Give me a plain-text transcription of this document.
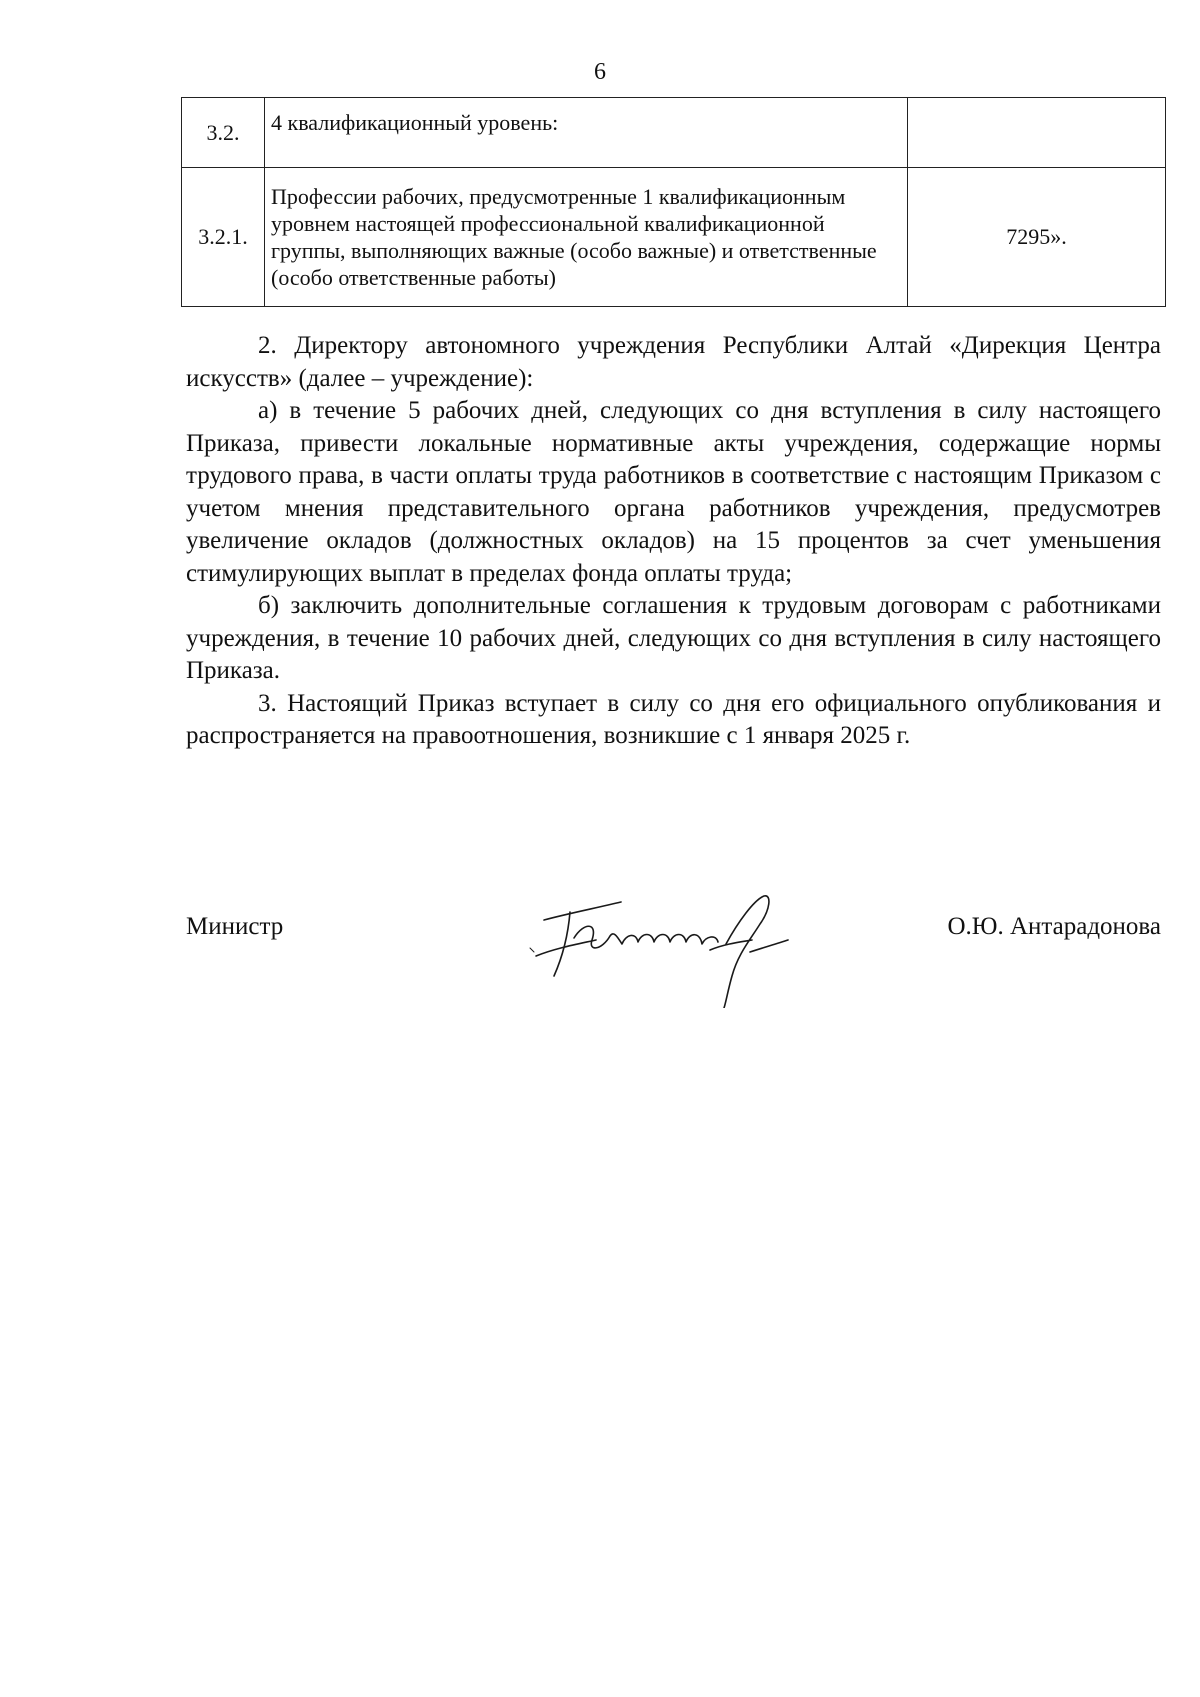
6
3.2.	4 квалификационный уровень:	
3.2.1.	Профессии рабочих, предусмотренные 1 квалификационным уровнем настоящей профессиональной квалификационной группы, выполняющих важные (особо важные) и ответственные (особо ответственные работы)	7295».

2. Директору автономного учреждения Республики Алтай «Дирекция Центра искусств» (далее – учреждение):

а) в течение 5 рабочих дней, следующих со дня вступления в силу настоящего Приказа, привести локальные нормативные акты учреждения, содержащие нормы трудового права, в части оплаты труда работников в соответствие с настоящим Приказом с учетом мнения представительного органа работников учреждения, предусмотрев увеличение окладов (должностных окладов) на 15 процентов за счет уменьшения стимулирующих выплат в пределах фонда оплаты труда;

б) заключить дополнительные соглашения к трудовым договорам с работниками учреждения, в течение 10 рабочих дней, следующих со дня вступления в силу настоящего Приказа.

3. Настоящий Приказ вступает в силу со дня его официального опубликования и распространяется на правоотношения, возникшие с 1 января 2025 г.

Министр	О.Ю. Антарадонова
